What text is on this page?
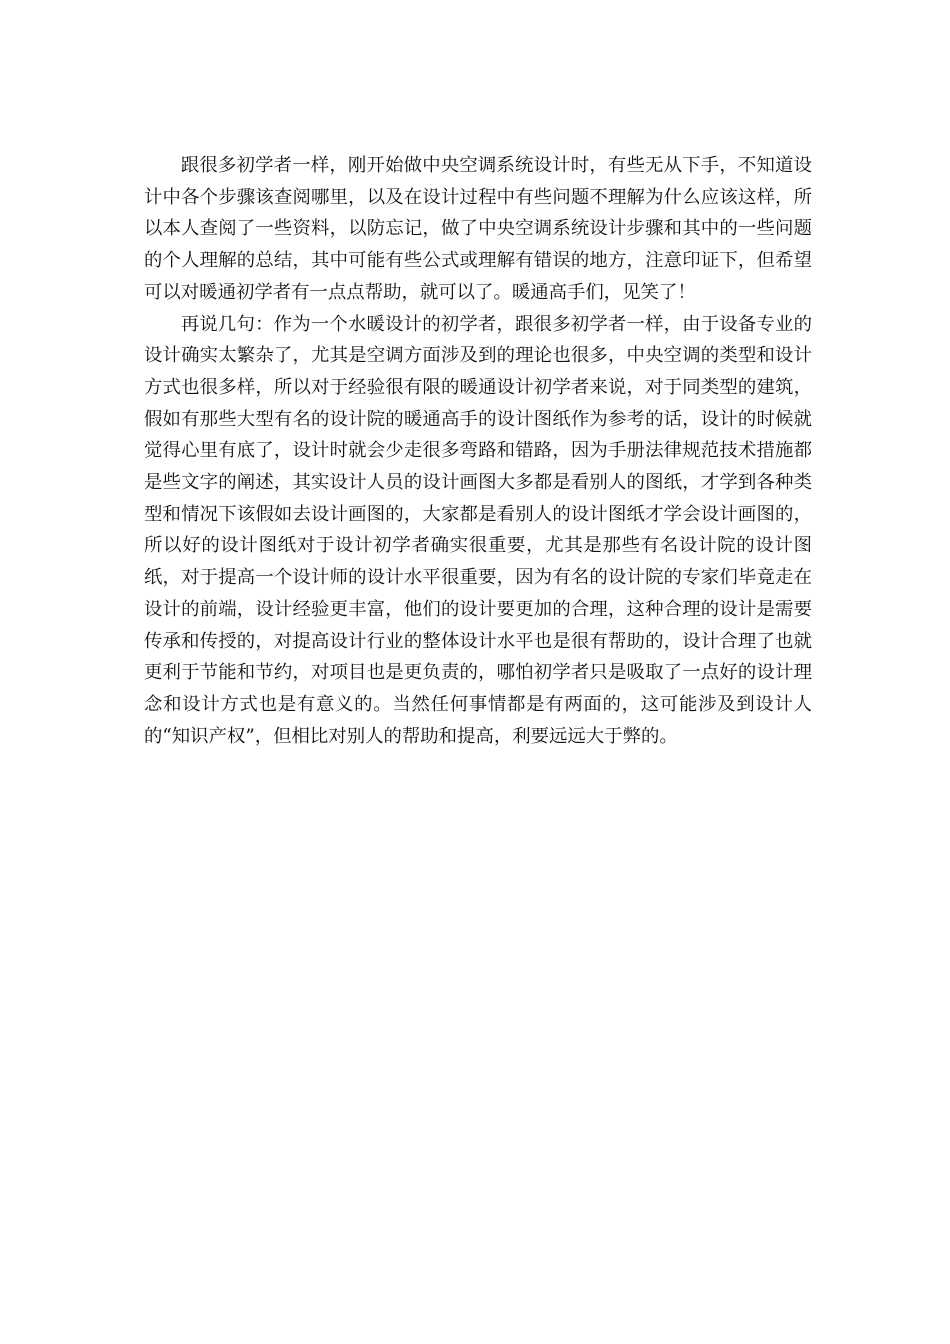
跟很多初学者一样，刚开始做中央空调系统设计时，有些无从下手，不知道设计中各个步骤该查阅哪里，以及在设计过程中有些问题不理解为什么应该这样，所以本人查阅了一些资料，以防忘记，做了中央空调系统设计步骤和其中的一些问题的个人理解的总结，其中可能有些公式或理解有错误的地方，注意印证下，但希望可以对暖通初学者有一点点帮助，就可以了。暖通高手们，见笑了！

再说几句：作为一个水暖设计的初学者，跟很多初学者一样，由于设备专业的设计确实太繁杂了，尤其是空调方面涉及到的理论也很多，中央空调的类型和设计方式也很多样，所以对于经验很有限的暖通设计初学者来说，对于同类型的建筑，假如有那些大型有名的设计院的暖通高手的设计图纸作为参考的话，设计的时候就觉得心里有底了，设计时就会少走很多弯路和错路，因为手册法律规范技术措施都是些文字的阐述，其实设计人员的设计画图大多都是看别人的图纸，才学到各种类型和情况下该假如去设计画图的，大家都是看别人的设计图纸才学会设计画图的，所以好的设计图纸对于设计初学者确实很重要，尤其是那些有名设计院的设计图纸，对于提高一个设计师的设计水平很重要，因为有名的设计院的专家们毕竟走在设计的前端，设计经验更丰富，他们的设计要更加的合理，这种合理的设计是需要传承和传授的，对提高设计行业的整体设计水平也是很有帮助的，设计合理了也就更利于节能和节约，对项目也是更负责的，哪怕初学者只是吸取了一点好的设计理念和设计方式也是有意义的。当然任何事情都是有两面的，这可能涉及到设计人的“知识产权”，但相比对别人的帮助和提高，利要远远大于弊的。
